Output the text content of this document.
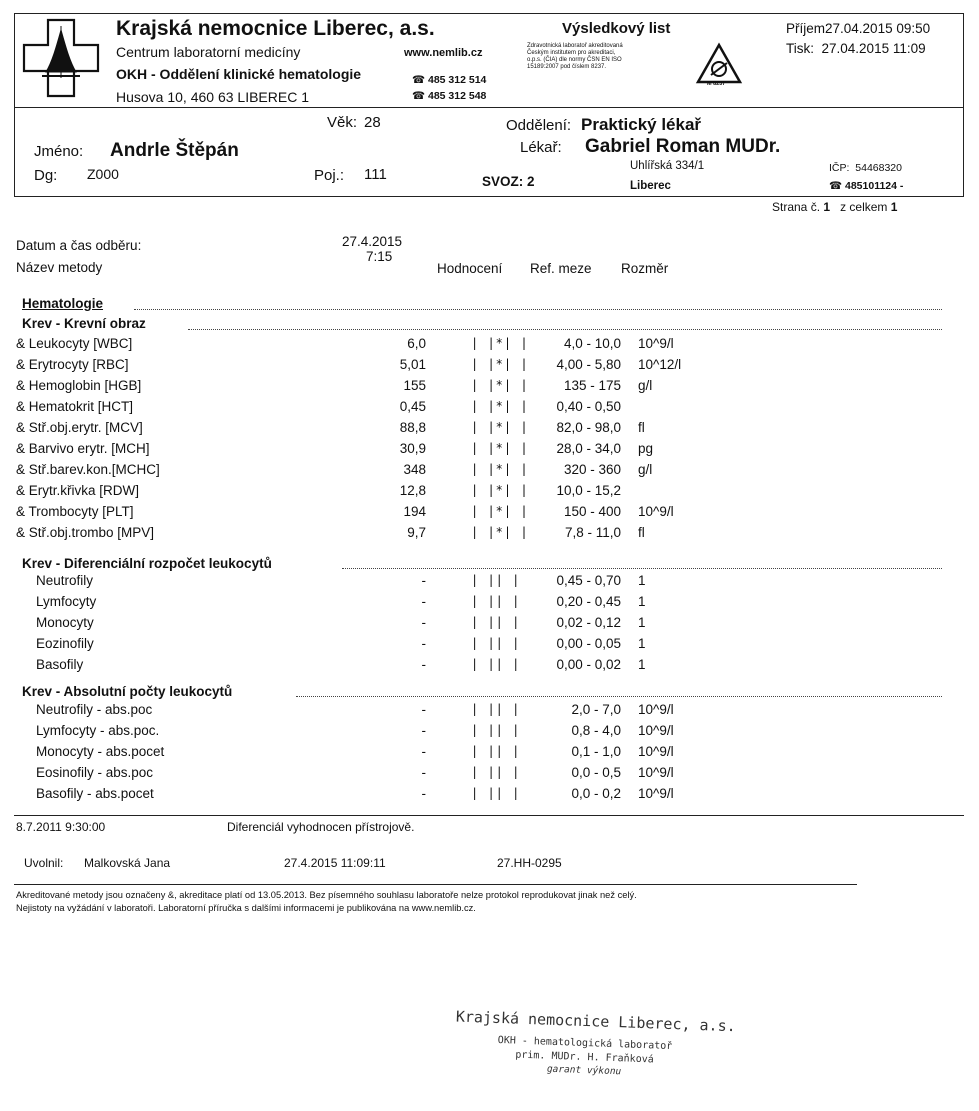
Krajská nemocnice Liberec, a.s.
Centrum laboratorní medicíny
OKH - Oddělení klinické hematologie
Husova 10, 460 63 LIBEREC 1
www.nemlib.cz
☎ 485 312 514
☎ 485 312 548
Výsledkový list
Zdravotnická laboratoř akreditovaná
Českým institutem pro akreditaci,
o.p.s. (ČIA) dle normy ČSN EN ISO
15189:2007 pod číslem 8237.
M 8237
Příjem27.04.2015 09:50
Tisk: 27.04.2015 11:09
Jméno: Andrle Štěpán
Dg: Z000
Věk: 28
Poj.: 111
Oddělení: Praktický lékař
Lékař: Gabriel Roman MUDr.
Uhlířská 334/1
Liberec
SVOZ: 2
IČP: 54468320
☎ 485101124 -
Strana č. 1 z celkem 1
Datum a čas odběru:
Název metody
27.4.2015
7:15
Hodnocení Ref. meze Rozměr
Hematologie
Krev - Krevní obraz
& Leukocyty [WBC]	6,0	| |*| |	4,0 - 10,0 10^9/l
& Erytrocyty [RBC]	5,01	| |*| |	4,00 - 5,80 10^12/l
& Hemoglobin [HGB]	155	| |*| |	135 - 175 g/l
& Hematokrit [HCT]	0,45	| |*| |	0,40 - 0,50
& Stř.obj.erytr. [MCV]	88,8	| |*| |	82,0 - 98,0 fl
& Barvivo erytr. [MCH]	30,9	| |*| |	28,0 - 34,0 pg
& Stř.barev.kon.[MCHC]	348	| |*| |	320 - 360 g/l
& Erytr.křivka [RDW]	12,8	| |*| |	10,0 - 15,2
& Trombocyty [PLT]	194	| |*| |	150 - 400 10^9/l
& Stř.obj.trombo [MPV]	9,7	| |*| |	7,8 - 11,0 fl
Krev - Diferenciální rozpočet leukocytů
Neutrofily	-	| || |	0,45 - 0,70 1
Lymfocyty	-	| || |	0,20 - 0,45 1
Monocyty	-	| || |	0,02 - 0,12 1
Eozinofily	-	| || |	0,00 - 0,05 1
Basofily	-	| || |	0,00 - 0,02 1
Krev - Absolutní počty leukocytů
Neutrofily - abs.poc	-	| || |	2,0 - 7,0 10^9/l
Lymfocyty - abs.poc.	-	| || |	0,8 - 4,0 10^9/l
Monocyty - abs.pocet	-	| || |	0,1 - 1,0 10^9/l
Eosinofily - abs.poc	-	| || |	0,0 - 0,5 10^9/l
Basofily - abs.pocet	-	| || |	0,0 - 0,2 10^9/l
8.7.2011 9:30:00	Diferenciál vyhodnocen přístrojově.
Uvolnil: Malkovská Jana	27.4.2015 11:09:11	27.HH-0295
Akreditované metody jsou označeny &, akreditace platí od 13.05.2013. Bez písemného souhlasu laboratoře nelze protokol reprodukovat jinak než celý.
Nejistoty na vyžádání v laboratoři. Laboratorní příručka s dalšími informacemi je publikována na www.nemlib.cz.
Krajská nemocnice Liberec, a.s.
OKH - hematologická laboratoř
prim. MUDr. H. Fraňková
garant výkonu
